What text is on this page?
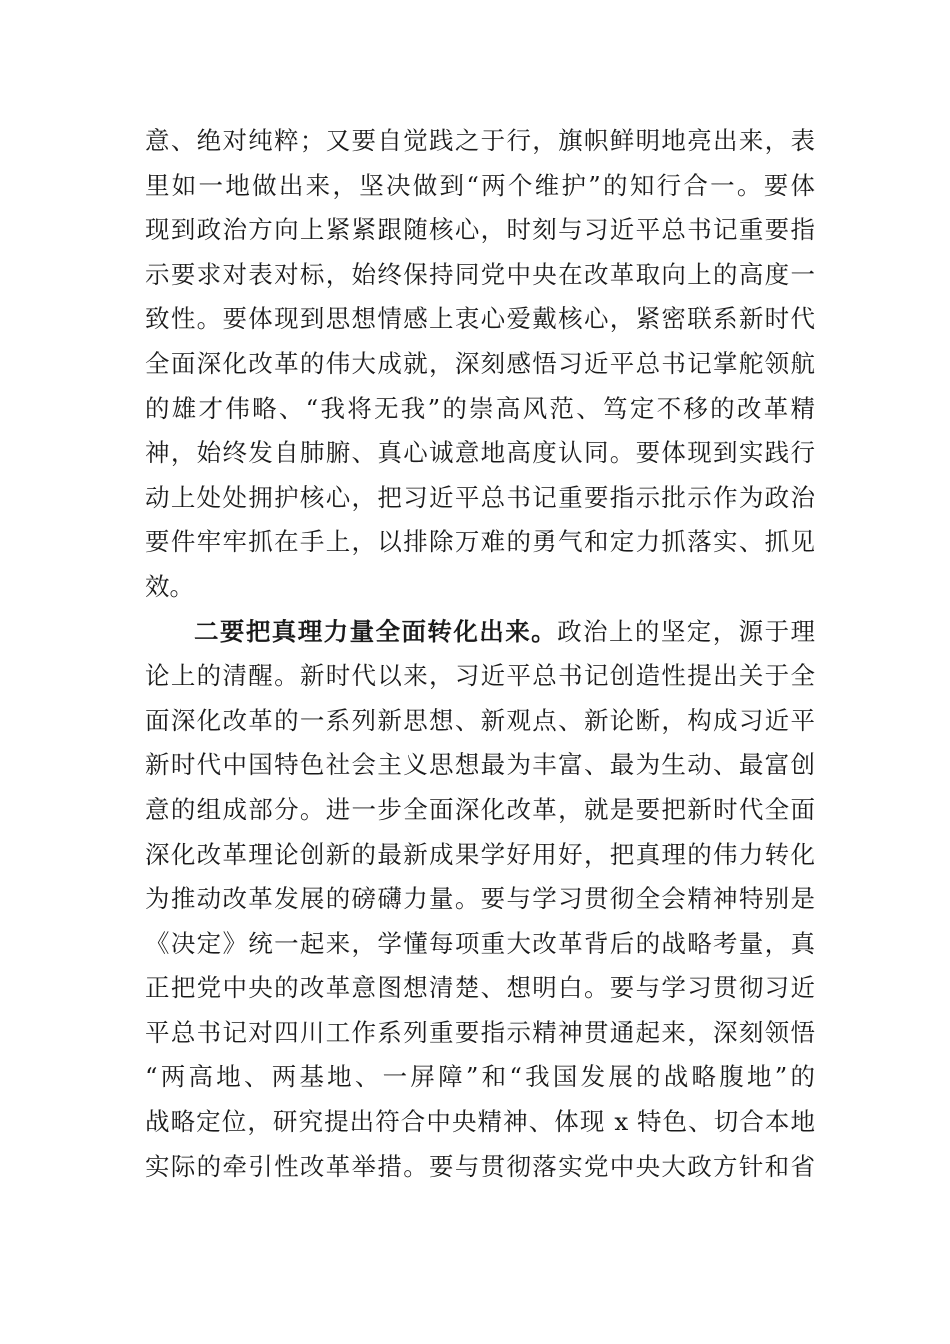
意、绝对纯粹；又要自觉践之于行，旗帜鲜明地亮出来，表
里如一地做出来，坚决做到“两个维护”的知行合一。要体
现到政治方向上紧紧跟随核心，时刻与习近平总书记重要指
示要求对表对标，始终保持同党中央在改革取向上的高度一
致性。要体现到思想情感上衷心爱戴核心，紧密联系新时代
全面深化改革的伟大成就，深刻感悟习近平总书记掌舵领航
的雄才伟略、“我将无我”的崇高风范、笃定不移的改革精
神，始终发自肺腑、真心诚意地高度认同。要体现到实践行
动上处处拥护核心，把习近平总书记重要指示批示作为政治
要件牢牢抓在手上，以排除万难的勇气和定力抓落实、抓见
效。
二要把真理力量全面转化出来。政治上的坚定，源于理
论上的清醒。新时代以来，习近平总书记创造性提出关于全
面深化改革的一系列新思想、新观点、新论断，构成习近平
新时代中国特色社会主义思想最为丰富、最为生动、最富创
意的组成部分。进一步全面深化改革，就是要把新时代全面
深化改革理论创新的最新成果学好用好，把真理的伟力转化
为推动改革发展的磅礴力量。要与学习贯彻全会精神特别是
《决定》统一起来，学懂每项重大改革背后的战略考量，真
正把党中央的改革意图想清楚、想明白。要与学习贯彻习近
平总书记对四川工作系列重要指示精神贯通起来，深刻领悟
“两高地、两基地、一屏障”和“我国发展的战略腹地”的
战略定位，研究提出符合中央精神、体现 x 特色、切合本地
实际的牵引性改革举措。要与贯彻落实党中央大政方针和省
